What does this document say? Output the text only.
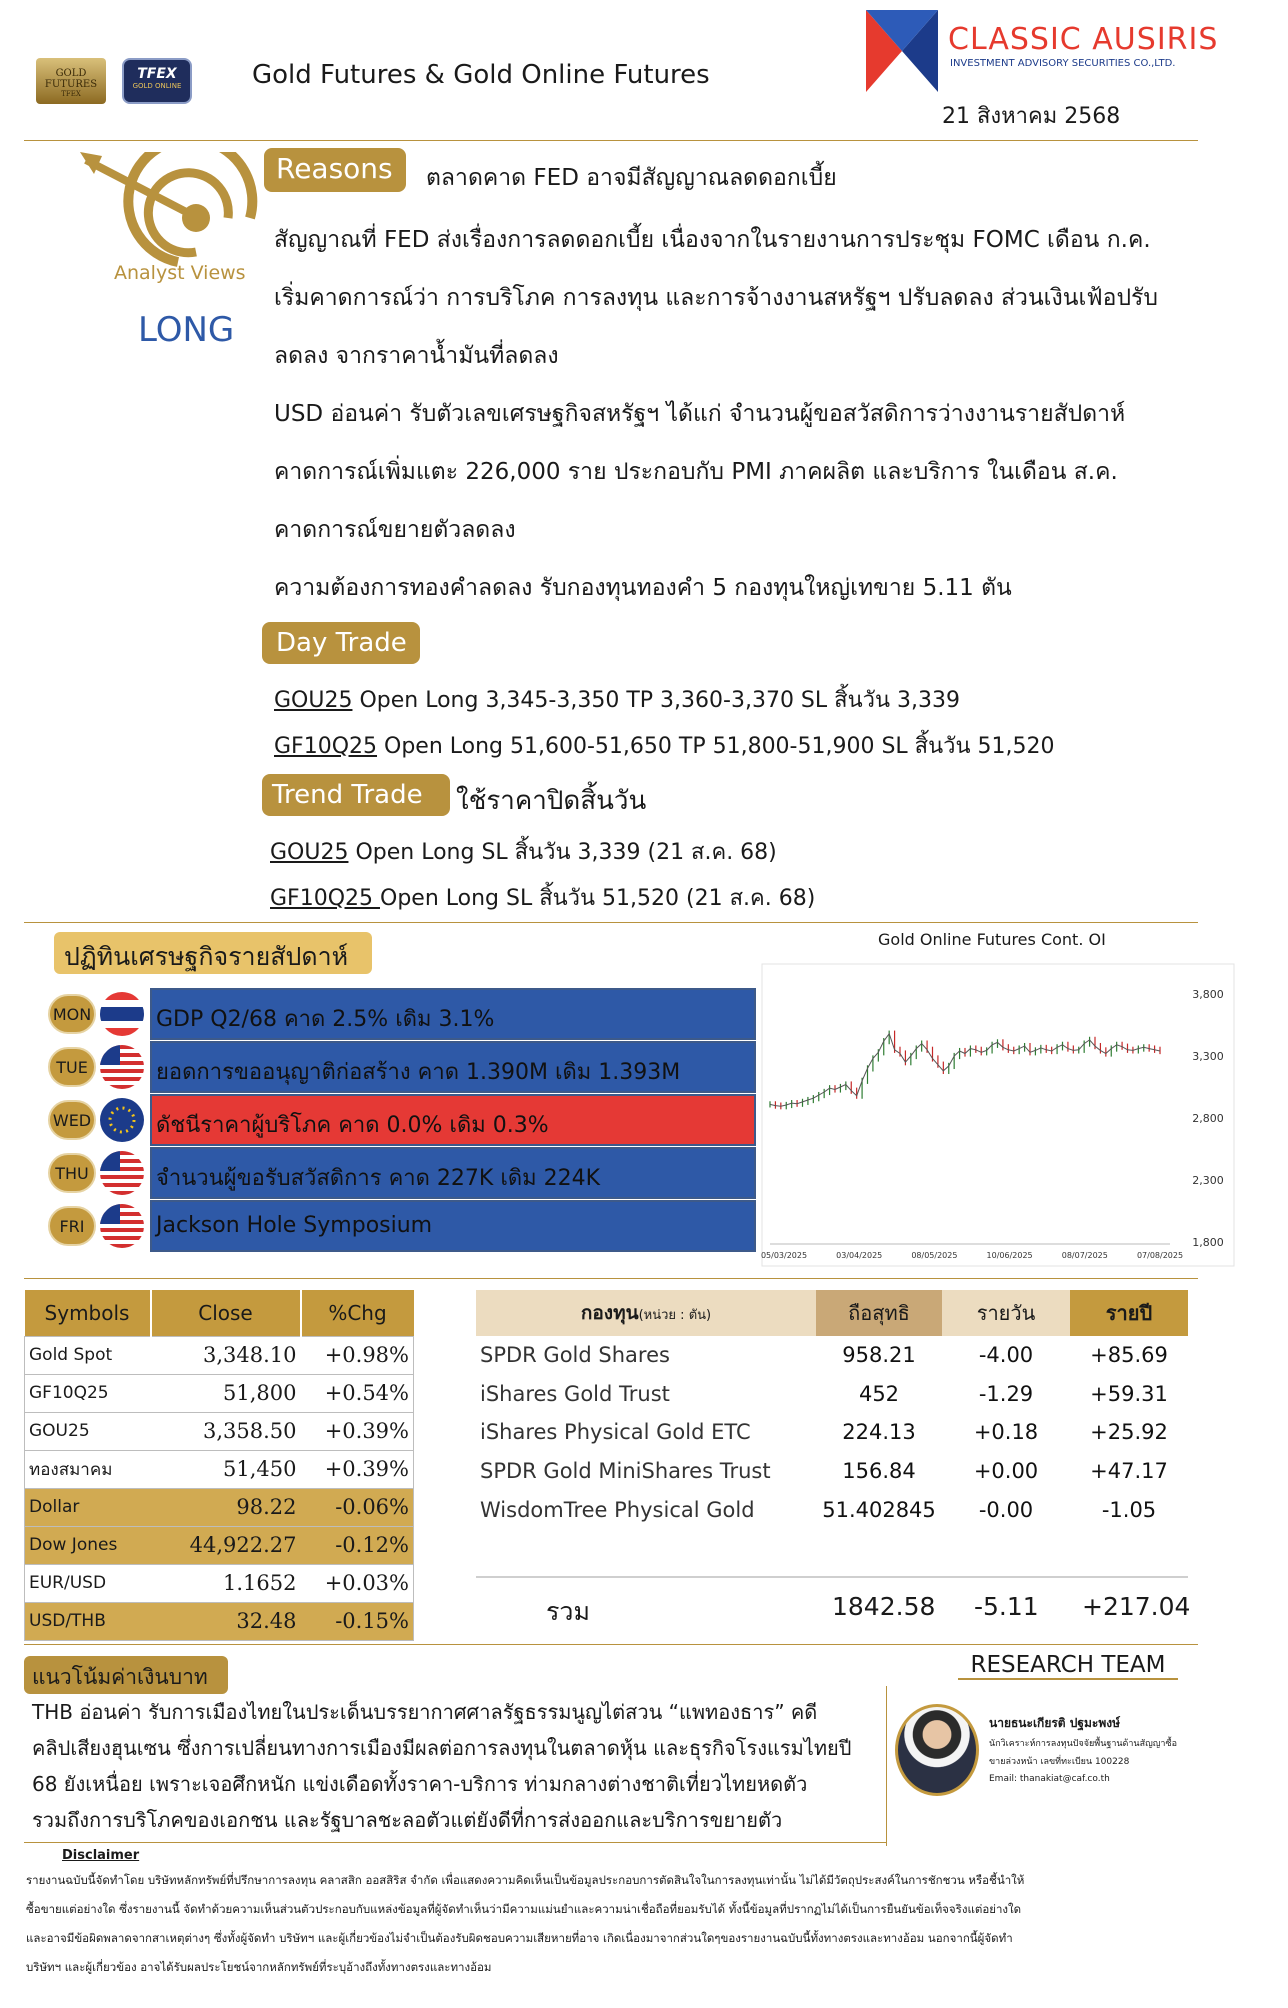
GOLD FUTURES
TFEX
TFEX
GOLD ONLINE	Gold Futures & Gold Online Futures
CLASSIC AUSIRIS
INVESTMENT ADVISORY SECURITIES CO.,LTD.
21 สิงหาคม 2568
Analyst Views
LONG
Reasons	ตลาดคาด FED อาจมีสัญญาณลดดอกเบี้ย
สัญญาณที่ FED ส่งเรื่องการลดดอกเบี้ย เนื่องจากในรายงานการประชุม FOMC เดือน ก.ค.
เริ่มคาดการณ์ว่า การบริโภค การลงทุน และการจ้างงานสหรัฐฯ ปรับลดลง ส่วนเงินเฟ้อปรับ
ลดลง จากราคาน้ำมันที่ลดลง
USD อ่อนค่า รับตัวเลขเศรษฐกิจสหรัฐฯ ได้แก่ จำนวนผู้ขอสวัสดิการว่างงานรายสัปดาห์
คาดการณ์เพิ่มแตะ 226,000 ราย ประกอบกับ PMI ภาคผลิต และบริการ ในเดือน ส.ค.
คาดการณ์ขยายตัวลดลง
ความต้องการทองคำลดลง รับกองทุนทองคำ 5 กองทุนใหญ่เทขาย 5.11 ตัน
Day Trade
GOU25 Open Long 3,345-3,350 TP 3,360-3,370 SL สิ้นวัน 3,339
GF10Q25 Open Long 51,600-51,650 TP 51,800-51,900 SL สิ้นวัน 51,520
Trend Trade	ใช้ราคาปิดสิ้นวัน
GOU25 Open Long SL สิ้นวัน 3,339 (21 ส.ค. 68)
GF10Q25 Open Long SL สิ้นวัน 51,520 (21 ส.ค. 68)
ปฏิทินเศรษฐกิจรายสัปดาห์
MON	GDP Q2/68 คาด 2.5% เดิม 3.1%
TUE	ยอดการขออนุญาติก่อสร้าง คาด 1.390M เดิม 1.393M
WED	ดัชนีราคาผู้บริโภค คาด 0.0% เดิม 0.3%
THU	จำนวนผู้ขอรับสวัสดิการ คาด 227K เดิม 224K
FRI	Jackson Hole Symposium
Gold Online Futures Cont. OI
3,800
3,300
2,800
2,300
1,800
05/03/2025	03/04/2025	08/05/2025	10/06/2025	08/07/2025	07/08/2025
Symbols	Close	%Chg
Gold Spot	3,348.10	+0.98%
GF10Q25	51,800	+0.54%
GOU25	3,358.50	+0.39%
ทองสมาคม	51,450	+0.39%
Dollar	98.22	-0.06%
Dow Jones	44,922.27	-0.12%
EUR/USD	1.1652	+0.03%
USD/THB	32.48	-0.15%
กองทุน(หน่วย : ตัน)	ถือสุทธิ	รายวัน	รายปี
SPDR Gold Shares	958.21	-4.00	+85.69
iShares Gold Trust	452	-1.29	+59.31
iShares Physical Gold ETC	224.13	+0.18	+25.92
SPDR Gold MiniShares Trust	156.84	+0.00	+47.17
WisdomTree Physical Gold	51.402845	-0.00	-1.05
รวม	1842.58 -5.11 +217.04
แนวโน้มค่าเงินบาท
THB อ่อนค่า รับการเมืองไทยในประเด็นบรรยากาศศาลรัฐธรรมนูญไต่สวน “แพทองธาร” คดี
คลิปเสียงฮุนเซน ซึ่งการเปลี่ยนทางการเมืองมีผลต่อการลงทุนในตลาดหุ้น และธุรกิจโรงแรมไทยปี
68 ยังเหนื่อย เพราะเจอศึกหนัก แข่งเดือดทั้งราคา-บริการ ท่ามกลางต่างชาติเที่ยวไทยหดตัว
รวมถึงการบริโภคของเอกชน และรัฐบาลชะลอตัวแต่ยังดีที่การส่งออกและบริการขยายตัว
RESEARCH TEAM
นายธนะเกียรติ ปฐมะพงษ์
นักวิเคราะห์การลงทุนปัจจัยพื้นฐานด้านสัญญาซื้อ
ขายล่วงหน้า เลขที่ทะเบียน 100228
Email: thanakiat@caf.co.th
Disclaimer
รายงานฉบับนี้จัดทำโดย บริษัทหลักทรัพย์ที่ปรึกษาการลงทุน คลาสสิก ออสสิริส จำกัด เพื่อแสดงความคิดเห็นเป็นข้อมูลประกอบการตัดสินใจในการลงทุนเท่านั้น ไม่ได้มีวัตถุประสงค์ในการชักชวน หรือชี้นำให้
ซื้อขายแต่อย่างใด ซึ่งรายงานนี้ จัดทำด้วยความเห็นส่วนตัวประกอบกับแหล่งข้อมูลที่ผู้จัดทำเห็นว่ามีความแม่นยำและความน่าเชื่อถือที่ยอมรับได้ ทั้งนี้ข้อมูลที่ปรากฏไม่ได้เป็นการยืนยันข้อเท็จจริงแต่อย่างใด
และอาจมีข้อผิดพลาดจากสาเหตุต่างๆ ซึ่งทั้งผู้จัดทำ บริษัทฯ และผู้เกี่ยวข้องไม่จำเป็นต้องรับผิดชอบความเสียหายที่อาจ เกิดเนื่องมาจากส่วนใดๆของรายงานฉบับนี้ทั้งทางตรงและทางอ้อม นอกจากนี้ผู้จัดทำ
บริษัทฯ และผู้เกี่ยวข้อง อาจได้รับผลประโยชน์จากหลักทรัพย์ที่ระบุอ้างถึงทั้งทางตรงและทางอ้อม
